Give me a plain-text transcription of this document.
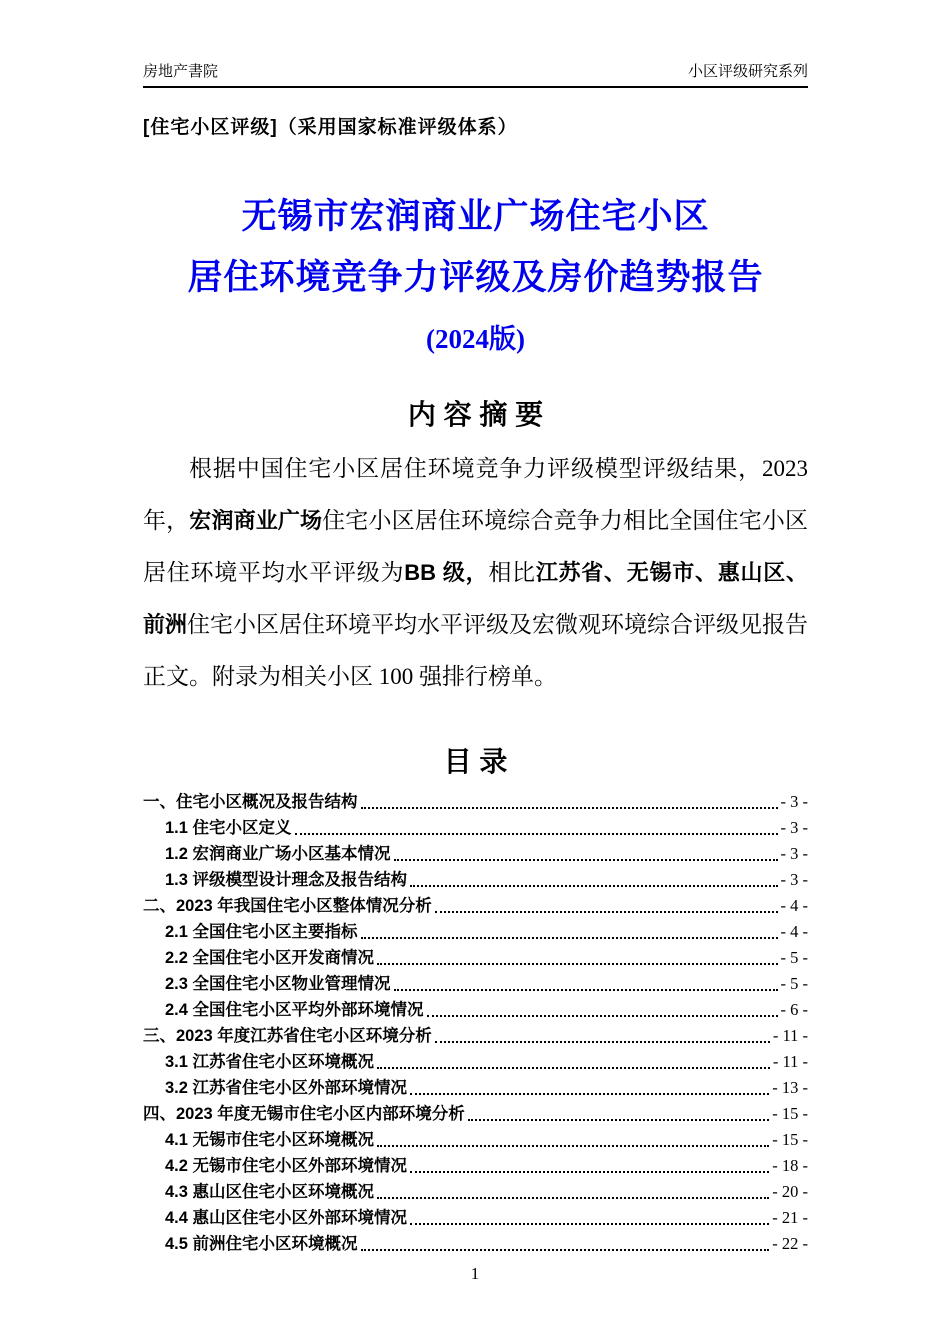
房地产書院	小区评级研究系列
[住宅小区评级]（采用国家标准评级体系）
无锡市宏润商业广场住宅小区
居住环境竞争力评级及房价趋势报告
(2024版)
内 容 摘 要

根据中国住宅小区居住环境竞争力评级模型评级结果，2023 年，宏润商业广场住宅小区居住环境综合竞争力相比全国住宅小区居住环境平均水平评级为BB 级，相比江苏省、无锡市、惠山区、前洲住宅小区居住环境平均水平评级及宏微观环境综合评级见报告正文。附录为相关小区 100 强排行榜单。

目 录
一、住宅小区概况及报告结构	- 3 -
1.1 住宅小区定义	- 3 -
1.2 宏润商业广场小区基本情况	- 3 -
1.3 评级模型设计理念及报告结构	- 3 -
二、2023 年我国住宅小区整体情况分析	- 4 -
2.1 全国住宅小区主要指标	- 4 -
2.2 全国住宅小区开发商情况	- 5 -
2.3 全国住宅小区物业管理情况	- 5 -
2.4 全国住宅小区平均外部环境情况	- 6 -
三、2023 年度江苏省住宅小区环境分析	- 11 -
3.1 江苏省住宅小区环境概况	- 11 -
3.2 江苏省住宅小区外部环境情况	- 13 -
四、2023 年度无锡市住宅小区内部环境分析	- 15 -
4.1 无锡市住宅小区环境概况	- 15 -
4.2 无锡市住宅小区外部环境情况	- 18 -
4.3 惠山区住宅小区环境概况	- 20 -
4.4 惠山区住宅小区外部环境情况	- 21 -
4.5 前洲住宅小区环境概况	- 22 -
1
